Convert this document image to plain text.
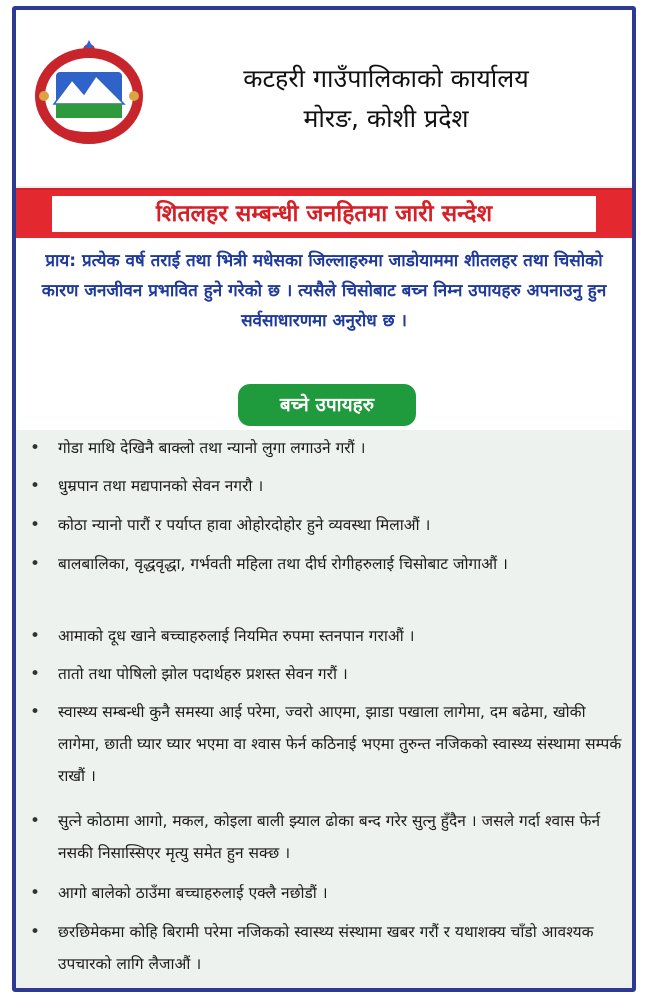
कटहरी गाउँपालिकाको कार्यालय
मोरङ, कोशी प्रदेश
शितलहर सम्बन्धी जनहितमा जारी सन्देश
प्राय: प्रत्येक वर्ष तराई तथा भित्री मधेसका जिल्लाहरुमा जाडोयाममा शीतलहर तथा चिसोको कारण जनजीवन प्रभावित हुने गरेको छ । त्यसैले चिसोबाट बच्न निम्न उपायहरु अपनाउनु हुन सर्वसाधारणमा अनुरोध छ ।
बच्ने उपायहरु
• गोडा माथि देखिनै बाक्लो तथा न्यानो लुगा लगाउने गरौं ।
• धुम्रपान तथा मद्यपानको सेवन नगरौ ।
• कोठा न्यानो पारौं र पर्याप्त हावा ओहोरदोहोर हुने व्यवस्था मिलाऔं ।
• बालबालिका, वृद्धवृद्धा, गर्भवती महिला तथा दीर्घ रोगीहरुलाई चिसोबाट जोगाऔं ।
• आमाको दूध खाने बच्चाहरुलाई नियमित रुपमा स्तनपान गराऔं ।
• तातो तथा पोषिलो झोल पदार्थहरु प्रशस्त सेवन गरौं ।
• स्वास्थ्य सम्बन्धी कुनै समस्या आई परेमा, ज्वरो आएमा, झाडा पखाला लागेमा, दम बढेमा, खोकी लागेमा, छाती घ्यार घ्यार भएमा वा श्वास फेर्न कठिनाई भएमा तुरुन्त नजिकको स्वास्थ्य संस्थामा सम्पर्क राखौं ।
• सुत्ने कोठामा आगो, मकल, कोइला बाली झ्याल ढोका बन्द गरेर सुत्नु हुँदैन । जसले गर्दा श्वास फेर्न नसकी निसास्सिएर मृत्यु समेत हुन सक्छ ।
• आगो बालेको ठाउँमा बच्चाहरुलाई एक्लै नछोडौं ।
• छरछिमेकमा कोहि बिरामी परेमा नजिकको स्वास्थ्य संस्थामा खबर गरौं र यथाशक्य चाँडो आवश्यक उपचारको लागि लैजाऔं ।
